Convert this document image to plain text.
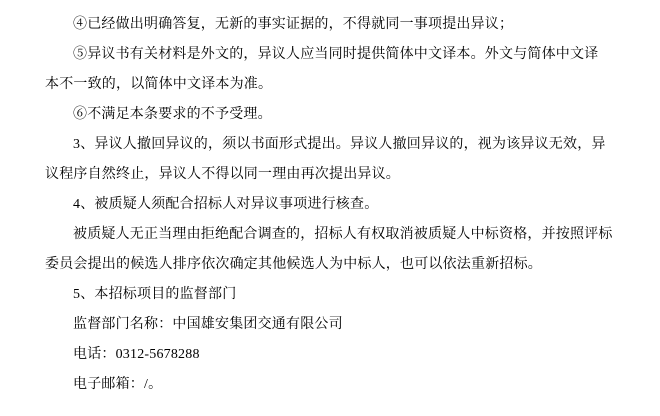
④已经做出明确答复，无新的事实证据的，不得就同一事项提出异议；
⑤异议书有关材料是外文的，异议人应当同时提供简体中文译本。外文与简体中文译
本不一致的，以简体中文译本为准。
⑥不满足本条要求的不予受理。
3、异议人撤回异议的，须以书面形式提出。异议人撤回异议的，视为该异议无效，异
议程序自然终止，异议人不得以同一理由再次提出异议。
4、被质疑人须配合招标人对异议事项进行核查。
被质疑人无正当理由拒绝配合调查的，招标人有权取消被质疑人中标资格，并按照评标
委员会提出的候选人排序依次确定其他候选人为中标人，也可以依法重新招标。
5、本招标项目的监督部门
监督部门名称：中国雄安集团交通有限公司
电话：0312-5678288
电子邮箱：/。
